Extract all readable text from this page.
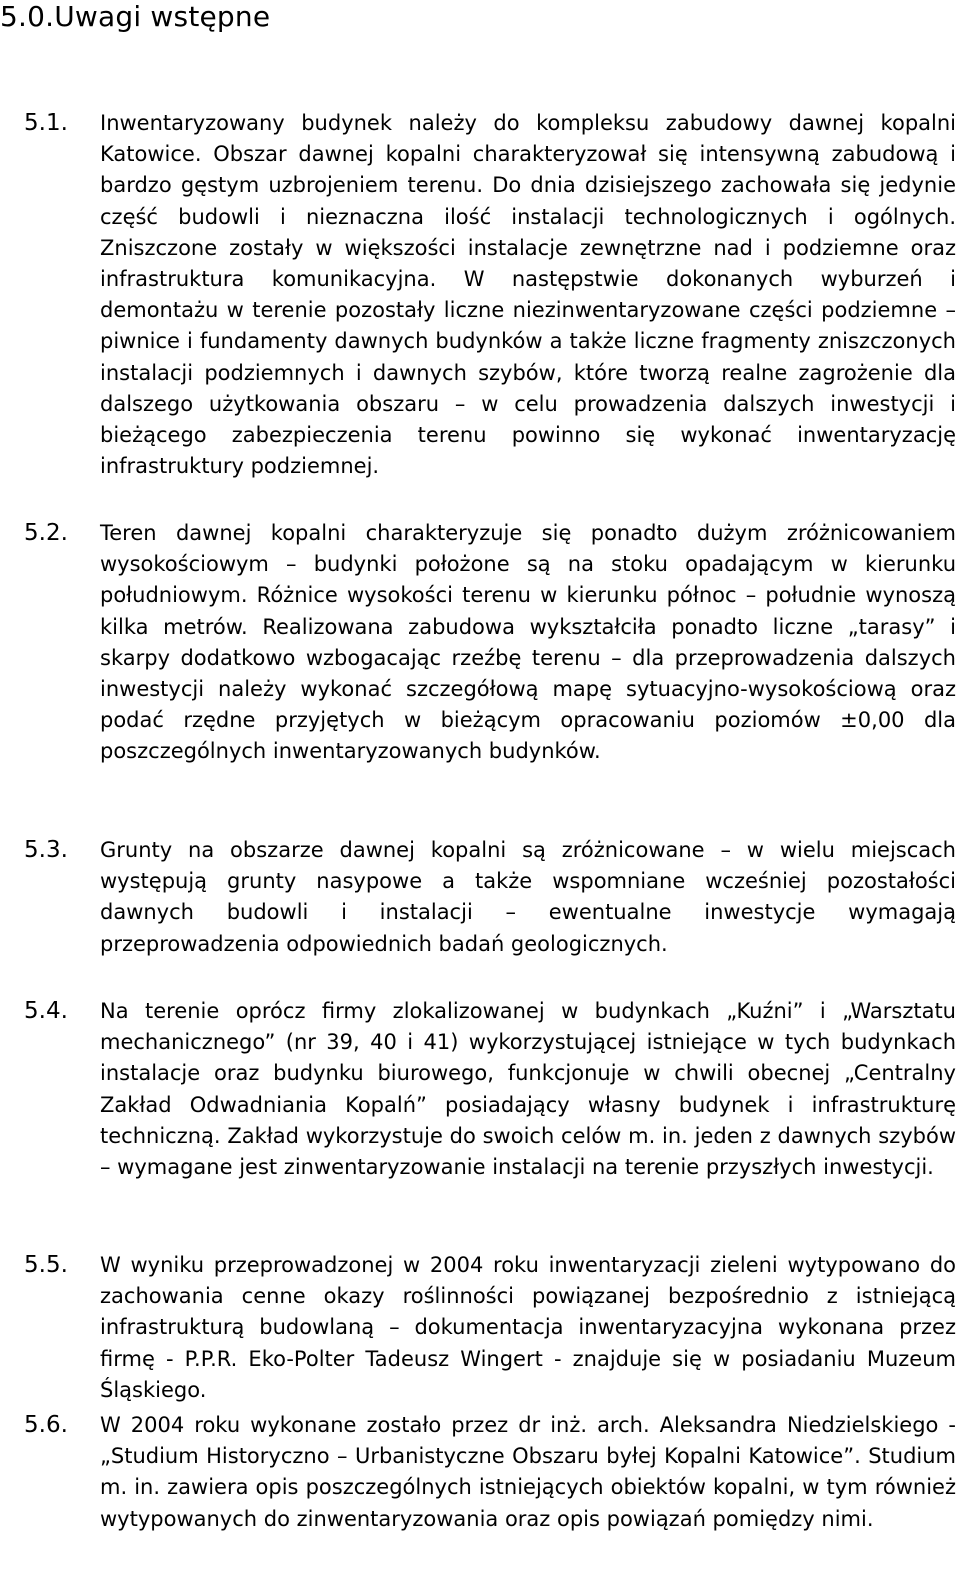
5.0.Uwagi wstępne
5.1. Inwentaryzowany budynek należy do kompleksu zabudowy dawnej kopalni Katowice. Obszar dawnej kopalni charakteryzował się intensywną zabudową i bardzo gęstym uzbrojeniem terenu. Do dnia dzisiejszego zachowała się jedynie część budowli i nieznaczna ilość instalacji technologicznych i ogólnych. Zniszczone zostały w większości instalacje zewnętrzne nad i podziemne oraz infrastruktura komunikacyjna. W następstwie dokonanych wyburzeń i demontażu w terenie pozostały liczne niezinwentaryzowane części podziemne – piwnice i fundamenty dawnych budynków a także liczne fragmenty zniszczonych instalacji podziemnych i dawnych szybów, które tworzą realne zagrożenie dla dalszego użytkowania obszaru – w celu prowadzenia dalszych inwestycji i bieżącego zabezpieczenia terenu powinno się wykonać inwentaryzację infrastruktury podziemnej.

5.2. Teren dawnej kopalni charakteryzuje się ponadto dużym zróżnicowaniem wysokościowym – budynki położone są na stoku opadającym w kierunku południowym. Różnice wysokości terenu w kierunku północ – południe wynoszą kilka metrów. Realizowana zabudowa wykształciła ponadto liczne „tarasy” i skarpy dodatkowo wzbogacając rzeźbę terenu – dla przeprowadzenia dalszych inwestycji należy wykonać szczegółową mapę sytuacyjno-wysokościową oraz podać rzędne przyjętych w bieżącym opracowaniu poziomów ±0,00 dla poszczególnych inwentaryzowanych budynków.

5.3. Grunty na obszarze dawnej kopalni są zróżnicowane – w wielu miejscach występują grunty nasypowe a także wspomniane wcześniej pozostałości dawnych budowli i instalacji – ewentualne inwestycje wymagają przeprowadzenia odpowiednich badań geologicznych.

5.4. Na terenie oprócz firmy zlokalizowanej w budynkach „Kuźni” i „Warsztatu mechanicznego” (nr 39, 40 i 41) wykorzystującej istniejące w tych budynkach instalacje oraz budynku biurowego, funkcjonuje w chwili obecnej „Centralny Zakład Odwadniania Kopalń” posiadający własny budynek i infrastrukturę techniczną. Zakład wykorzystuje do swoich celów m. in. jeden z dawnych szybów – wymagane jest zinwentaryzowanie instalacji na terenie przyszłych inwestycji.

5.5. W wyniku przeprowadzonej w 2004 roku inwentaryzacji zieleni wytypowano do zachowania cenne okazy roślinności powiązanej bezpośrednio z istniejącą infrastrukturą budowlaną – dokumentacja inwentaryzacyjna wykonana przez firmę - P.P.R. Eko-Polter Tadeusz Wingert - znajduje się w posiadaniu Muzeum Śląskiego.

5.6. W 2004 roku wykonane zostało przez dr inż. arch. Aleksandra Niedzielskiego - „Studium Historyczno – Urbanistyczne Obszaru byłej Kopalni Katowice”. Studium m. in. zawiera opis poszczególnych istniejących obiektów kopalni, w tym również wytypowanych do zinwentaryzowania oraz opis powiązań pomiędzy nimi.
